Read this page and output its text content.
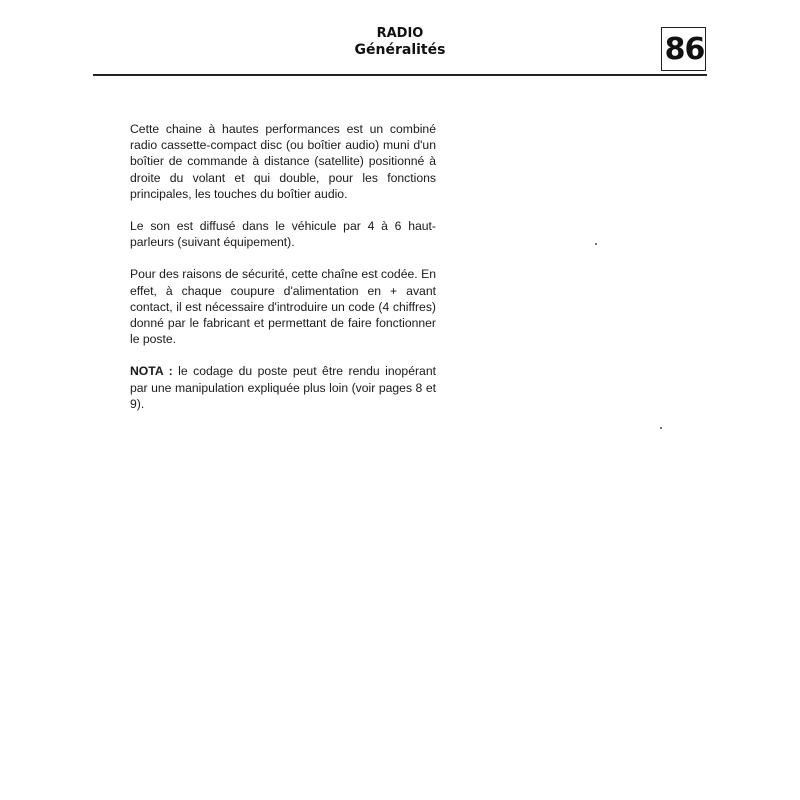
RADIO
Généralités	86

Cette chaine à hautes performances est un combiné radio cassette-compact disc (ou boîtier audio) muni d'un boîtier de commande à distance (satellite) positionné à droite du volant et qui double, pour les fonctions principales, les touches du boîtier audio.

Le son est diffusé dans le véhicule par 4 à 6 haut-parleurs (suivant équipement).

Pour des raisons de sécurité, cette chaîne est codée. En effet, à chaque coupure d'alimentation en + avant contact, il est nécessaire d'introduire un code (4 chiffres) donné par le fabricant et permettant de faire fonctionner le poste.

NOTA : le codage du poste peut être rendu inopérant par une manipulation expliquée plus loin (voir pages 8 et 9).
